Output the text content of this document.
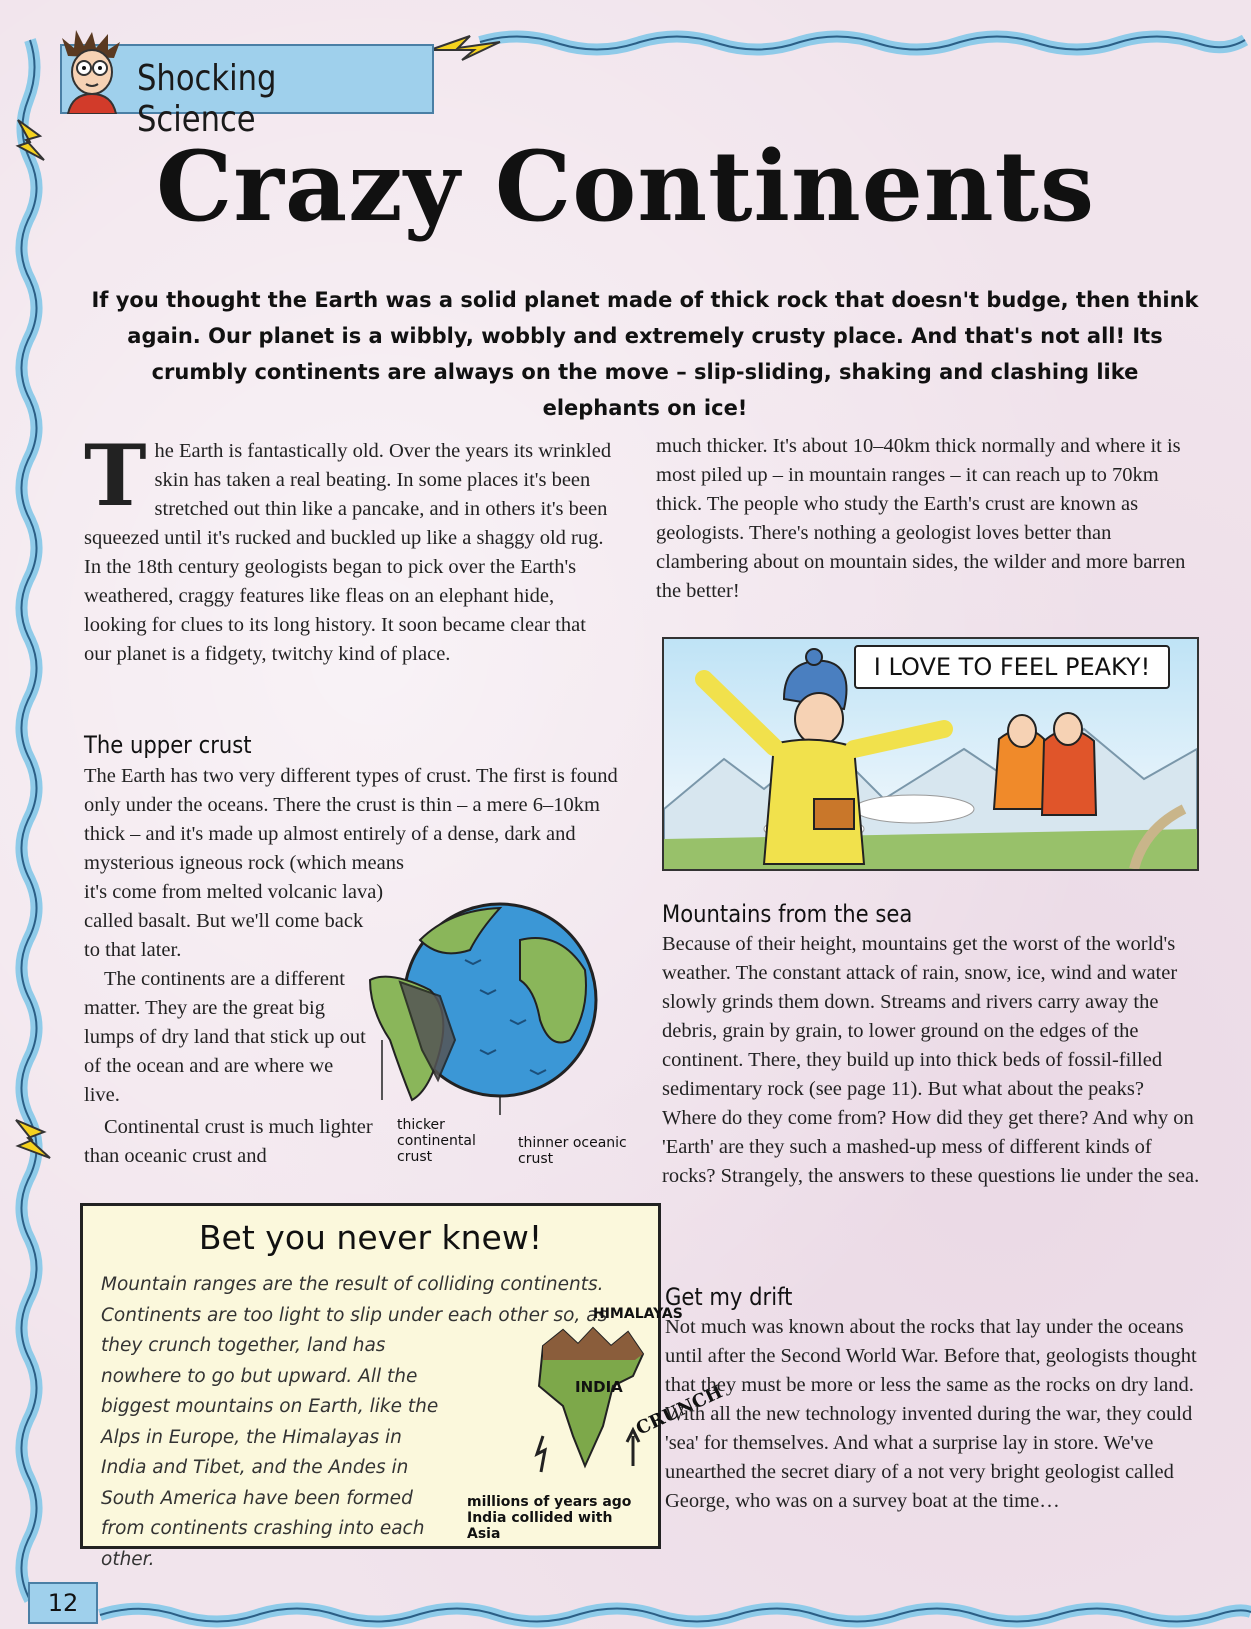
Shocking Science
Crazy Continents
If you thought the Earth was a solid planet made of thick rock that doesn't budge, then think again. Our planet is a wibbly, wobbly and extremely crusty place. And that's not all! Its crumbly continents are always on the move – slip-sliding, shaking and clashing like elephants on ice!
T he Earth is fantastically old. Over the years its wrinkled skin has taken a real beating. In some places it's been stretched out thin like a pancake, and in others it's been squeezed until it's rucked and buckled up like a shaggy old rug. In the 18th century geologists began to pick over the Earth's weathered, craggy features like fleas on an elephant hide, looking for clues to its long history. It soon became clear that our planet is a fidgety, twitchy kind of place.

The upper crust
The Earth has two very different types of crust. The first is found only under the oceans. There the crust is thin – a mere 6–10km thick – and it's made up almost entirely of a dense, dark and mysterious igneous rock (which means
it's come from melted volcanic lava) called basalt. But we'll come back to that later.
The continents are a different matter. They are the great big lumps of dry land that stick up out of the ocean and are where we live.
Continental crust is much lighter than oceanic crust and
thicker continental crust
thinner oceanic crust
Bet you never knew!
Mountain ranges are the result of colliding continents. Continents are too light to slip under each other so, as they crunch together, land has
nowhere to go but upward. All the biggest mountains on Earth, like the Alps in Europe, the Himalayas in India and Tibet, and the Andes in South America have been formed from continents crashing into each other.
HIMALAYAS
INDIA CRUNCH
millions of years ago India collided with Asia
much thicker. It's about 10–40km thick normally and where it is most piled up – in mountain ranges – it can reach up to 70km thick. The people who study the Earth's crust are known as geologists. There's nothing a geologist loves better than clambering about on mountain sides, the wilder and more barren the better!
I LOVE TO FEEL PEAKY!
Mountains from the sea
Because of their height, mountains get the worst of the world's weather. The constant attack of rain, snow, ice, wind and water slowly grinds them down. Streams and rivers carry away the debris, grain by grain, to lower ground on the edges of the continent. There, they build up into thick beds of fossil-filled sedimentary rock (see page 11). But what about the peaks? Where do they come from? How did they get there? And why on 'Earth' are they such a mashed-up mess of different kinds of rocks? Strangely, the answers to these questions lie under the sea.
Get my drift
Not much was known about the rocks that lay under the oceans until after the Second World War. Before that, geologists thought that they must be more or less the same as the rocks on dry land. With all the new technology invented during the war, they could 'sea' for themselves. And what a surprise lay in store. We've unearthed the secret diary of a not very bright geologist called George, who was on a survey boat at the time…
12
